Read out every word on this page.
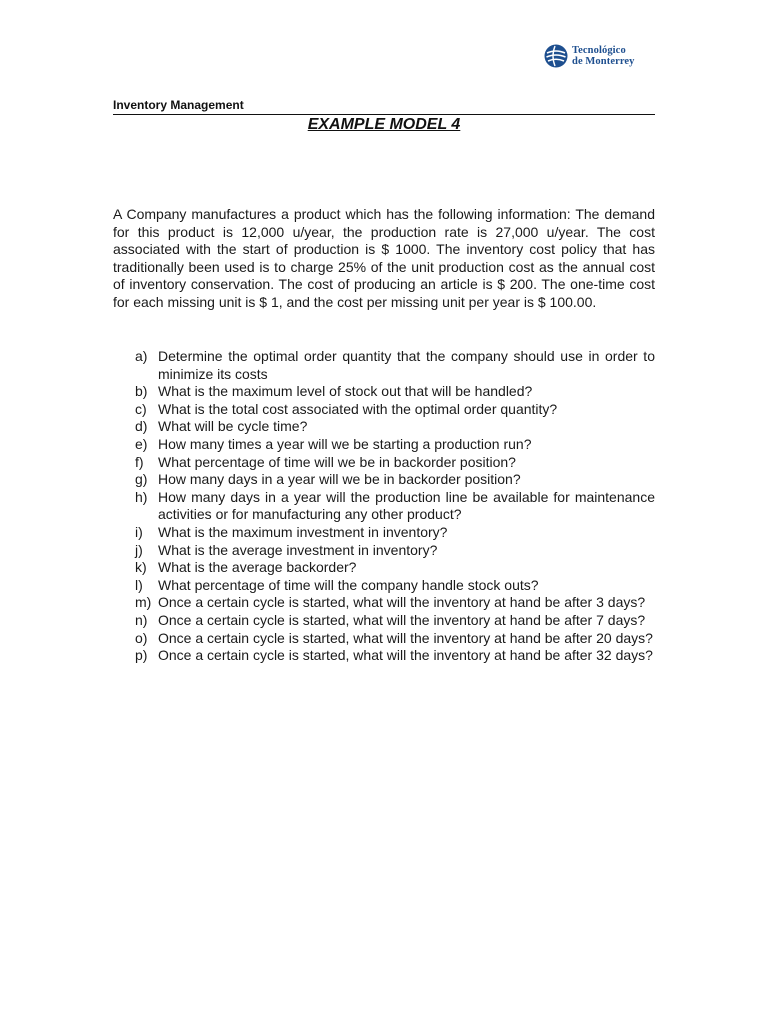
Tecnológico
de Monterrey
Inventory Management
EXAMPLE MODEL 4

A Company manufactures a product which has the following information: The demand for this product is 12,000 u/year, the production rate is 27,000 u/year. The cost associated with the start of production is $ 1000. The inventory cost policy that has traditionally been used is to charge 25% of the unit production cost as the annual cost of inventory conservation. The cost of producing an article is $ 200. The one-time cost for each missing unit is $ 1, and the cost per missing unit per year is $ 100.00.

a) Determine the optimal order quantity that the company should use in order to minimize its costs
b) What is the maximum level of stock out that will be handled?
c) What is the total cost associated with the optimal order quantity?
d) What will be cycle time?
e) How many times a year will we be starting a production run?
f)	What percentage of time will we be in backorder position?
g) How many days in a year will we be in backorder position?
h) How many days in a year will the production line be available for maintenance activities or for manufacturing any other product?
i)	What is the maximum investment in inventory?
j)	What is the average investment in inventory?
k) What is the average backorder?
l)	What percentage of time will the company handle stock outs?
m) Once a certain cycle is started, what will the inventory at hand be after 3 days?
n) Once a certain cycle is started, what will the inventory at hand be after 7 days?
o) Once a certain cycle is started, what will the inventory at hand be after 20 days?
p) Once a certain cycle is started, what will the inventory at hand be after 32 days?
